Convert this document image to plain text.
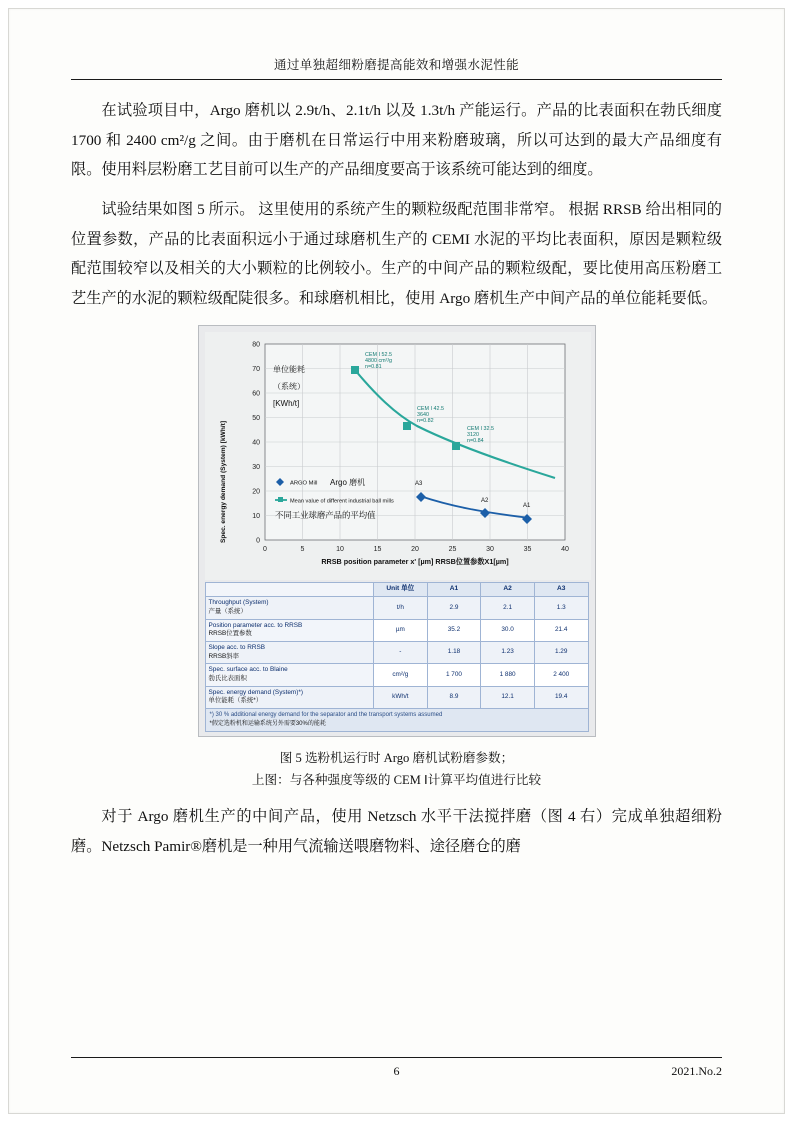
通过单独超细粉磨提高能效和增强水泥性能

在试验项目中，Argo 磨机以 2.9t/h、2.1t/h 以及 1.3t/h 产能运行。产品的比表面积在勃氏细度 1700 和 2400 cm²/g 之间。由于磨机在日常运行中用来粉磨玻璃，所以可达到的最大产品细度有限。使用料层粉磨工艺目前可以生产的产品细度要高于该系统可能达到的细度。

试验结果如图 5 所示。 这里使用的系统产生的颗粒级配范围非常窄。 根据 RRSB 给出相同的位置参数，产品的比表面积远小于通过球磨机生产的 CEMI 水泥的平均比表面积，原因是颗粒级配范围较窄以及相关的大小颗粒的比例较小。生产的中间产品的颗粒级配，要比使用高压粉磨工艺生产的水泥的颗粒级配陡很多。和球磨机相比，使用 Argo 磨机生产中间产品的单位能耗要低。

80
70
60
50
40
30
20
10
0
0	5	10	15	20	25	30	35	40
Spec. energy demand (System) [kWh/t]
RRSB position parameter x' [µm] RRSB位置参数X1[µm]
单位能耗
（系统）
[KWh/t]
CEM I 52.5
4800 cm²/g
n=0.81
CEM I 42.5
3640
n=0.82
CEM I 32.5
3120
n=0.84
A3
A2
A1
ARGO Mill Argo 磨机
Mean value of different industrial ball mills
不同工业球磨产品的平均值
	Unit 单位	A1	A2	A3
Throughput (System)
产量（系统）	t/h	2.9	2.1	1.3
Position parameter acc. to RRSB
RRSB位置参数	µm	35.2	30.0	21.4
Slope acc. to RRSB
RRSB斜率	-	1.18	1.23	1.29
Spec. surface acc. to Blaine
勃氏比表面积	cm²/g	1 700	1 880	2 400
Spec. energy demand (System)*)
单位能耗（系统*）	kWh/t	8.9	12.1	19.4
*) 30 % additional energy demand for the separator and the transport systems assumed
*假定选粉机和运输系统另外需要30%的能耗
图 5 选粉机运行时 Argo 磨机试粉磨参数；
上图：与各种强度等级的 CEM Ⅰ计算平均值进行比较

对于 Argo 磨机生产的中间产品，使用 Netzsch 水平干法搅拌磨（图 4 右）完成单独超细粉磨。Netzsch Pamir®磨机是一种用气流输送喂磨物料、途径磨仓的磨

6	2021.No.2
